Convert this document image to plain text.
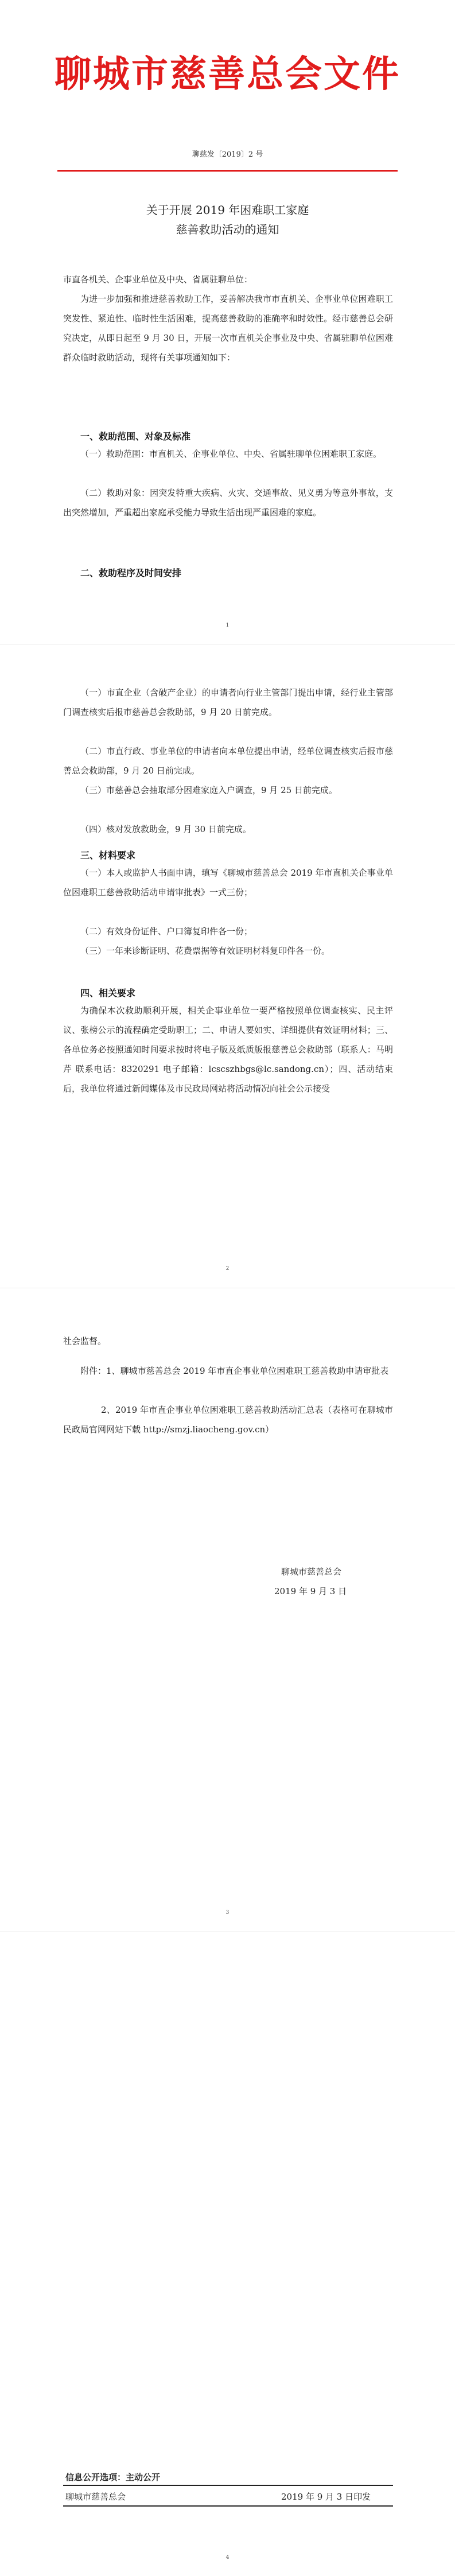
聊城市慈善总会文件
聊慈发〔2019〕2 号
关于开展 2019 年困难职工家庭
慈善救助活动的通知
市直各机关、企事业单位及中央、省属驻聊单位：
为进一步加强和推进慈善救助工作，妥善解决我市市直机关、企事业单位困难职工突发性、紧迫性、临时性生活困难，提高慈善救助的准确率和时效性。经市慈善总会研究决定，从即日起至 9 月 30 日，开展一次市直机关企事业及中央、省属驻聊单位困难群众临时救助活动，现将有关事项通知如下：
一、救助范围、对象及标准
（一）救助范围：市直机关、企事业单位、中央、省属驻聊单位困难职工家庭。
（二）救助对象：因突发特重大疾病、火灾、交通事故、见义勇为等意外事故，支出突然增加，严重超出家庭承受能力导致生活出现严重困难的家庭。
二、救助程序及时间安排
1
（一）市直企业（含破产企业）的申请者向行业主管部门提出申请，经行业主管部门调查核实后报市慈善总会救助部，9 月 20 日前完成。
（二）市直行政、事业单位的申请者向本单位提出申请，经单位调查核实后报市慈善总会救助部，9 月 20 日前完成。
（三）市慈善总会抽取部分困难家庭入户调查，9 月 25 日前完成。
（四）核对发放救助金，9 月 30 日前完成。
三、材料要求
（一）本人或监护人书面申请，填写《聊城市慈善总会 2019 年市直机关企事业单位困难职工慈善救助活动申请审批表》一式三份；
（二）有效身份证件、户口簿复印件各一份；
（三）一年来诊断证明、花费票据等有效证明材料复印件各一份。
四、相关要求
为确保本次救助顺利开展，相关企事业单位一要严格按照单位调查核实、民主评议、张榜公示的流程确定受助职工；二、申请人要如实、详细提供有效证明材料；三、各单位务必按照通知时间要求按时将电子版及纸质版报慈善总会救助部（联系人：马明芹 联系电话：8320291 电子邮箱：lcscszhbgs@lc.sandong.cn）；四、活动结束后，我单位将通过新闻媒体及市民政局网站将活动情况向社会公示接受
2
社会监督。
附件：1、聊城市慈善总会 2019 年市直企事业单位困难职工慈善救助申请审批表
2、2019 年市直企事业单位困难职工慈善救助活动汇总表（表格可在聊城市民政局官网网站下载 http://smzj.liaocheng.gov.cn）
聊城市慈善总会
2019 年 9 月 3 日
3
信息公开选项：主动公开
聊城市慈善总会	2019 年 9 月 3 日印发
4
